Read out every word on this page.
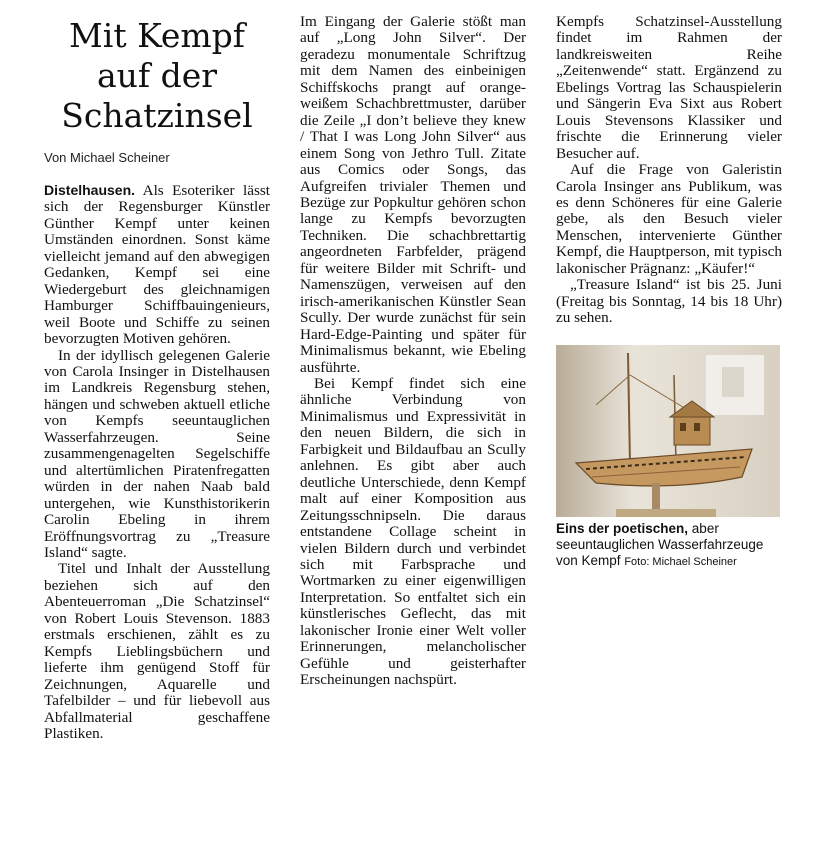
Mit Kempf
auf der
Schatzinsel
Von Michael Scheiner

Distelhausen. Als Esoteriker lässt sich der Regensburger Künstler Günther Kempf unter keinen Umständen einordnen. Sonst käme vielleicht jemand auf den abwegigen Gedanken, Kempf sei eine Wiedergeburt des gleichnamigen Hamburger Schiffbauingenieurs, weil Boote und Schiffe zu seinen bevorzugten Motiven gehören.

In der idyllisch gelegenen Galerie von Carola Insinger in Distelhausen im Landkreis Regensburg stehen, hängen und schweben aktuell etliche von Kempfs seeuntauglichen Wasserfahrzeugen. Seine zusammengenagelten Segelschiffe und altertümlichen Piratenfregatten würden in der nahen Naab bald untergehen, wie Kunsthistorikerin Carolin Ebeling in ihrem Eröffnungsvortrag zu „Treasure Island“ sagte.

Titel und Inhalt der Ausstellung beziehen sich auf den Abenteuerroman „Die Schatzinsel“ von Robert Louis Stevenson. 1883 erstmals erschienen, zählt es zu Kempfs Lieblingsbüchern und lieferte ihm genügend Stoff für Zeichnungen, Aquarelle und Tafelbilder – und für liebevoll aus Abfallmaterial geschaffene Plastiken.

Im Eingang der Galerie stößt man auf „Long John Silver“. Der geradezu monumentale Schriftzug mit dem Namen des einbeinigen Schiffskochs prangt auf orange-weißem Schachbrettmuster, darüber die Zeile „I don’t believe they knew / That I was Long John Silver“ aus einem Song von Jethro Tull. Zitate aus Comics oder Songs, das Aufgreifen trivialer Themen und Bezüge zur Popkultur gehören schon lange zu Kempfs bevorzugten Techniken. Die schachbrettartig angeordneten Farbfelder, prägend für weitere Bilder mit Schrift- und Namenszügen, verweisen auf den irisch-amerikanischen Künstler Sean Scully. Der wurde zunächst für sein Hard-Edge-Painting und später für Minimalismus bekannt, wie Ebeling ausführte.

Bei Kempf findet sich eine ähnliche Verbindung von Minimalismus und Expressivität in den neuen Bildern, die sich in Farbigkeit und Bildaufbau an Scully anlehnen. Es gibt aber auch deutliche Unterschiede, denn Kempf malt auf einer Komposition aus Zeitungsschnipseln. Die daraus entstandene Collage scheint in vielen Bildern durch und verbindet sich mit Farbsprache und Wortmarken zu einer eigenwilligen Interpretation. So entfaltet sich ein künstlerisches Geflecht, das mit lakonischer Ironie einer Welt voller Erinnerungen, melancholischer Gefühle und geisterhafter Erscheinungen nachspürt.

Kempfs Schatzinsel-Ausstellung findet im Rahmen der landkreisweiten Reihe „Zeitenwende“ statt. Ergänzend zu Ebelings Vortrag las Schauspielerin und Sängerin Eva Sixt aus Robert Louis Stevensons Klassiker und frischte die Erinnerung vieler Besucher auf.

Auf die Frage von Galeristin Carola Insinger ans Publikum, was es denn Schöneres für eine Galerie gebe, als den Besuch vieler Menschen, intervenierte Günther Kempf, die Hauptperson, mit typisch lakonischer Prägnanz: „Käufer!“

„Treasure Island“ ist bis 25. Juni (Freitag bis Sonntag, 14 bis 18 Uhr) zu sehen.

Eins der poetischen, aber seeuntauglichen Wasserfahrzeuge von Kempf Foto: Michael Scheiner
